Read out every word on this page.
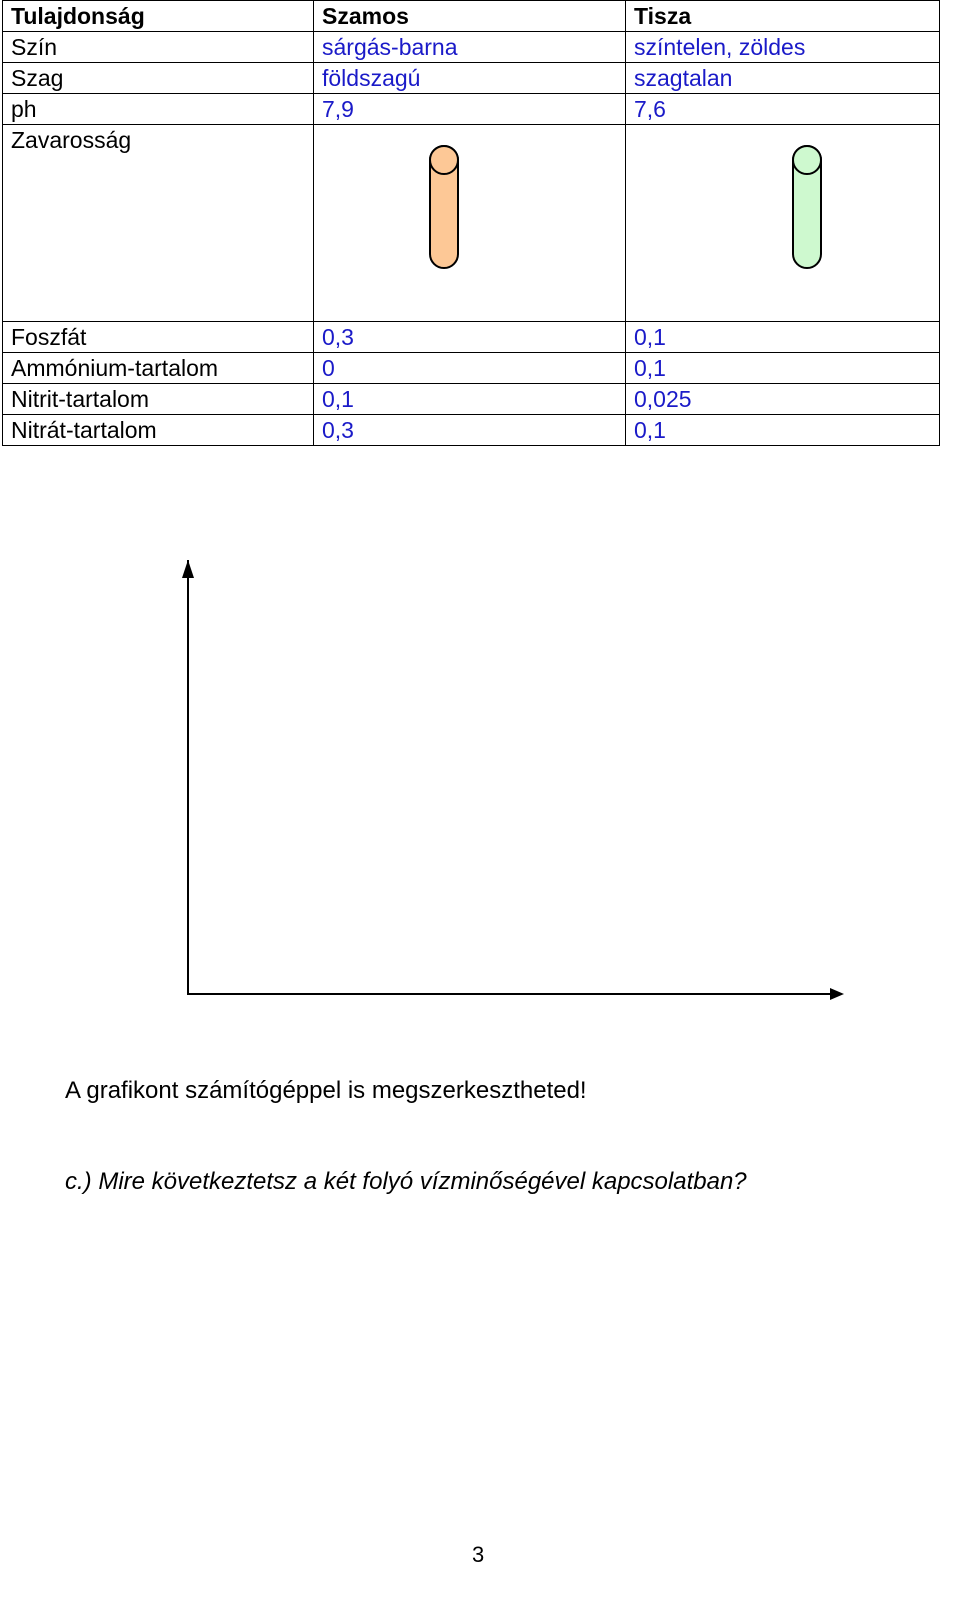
Tulajdonság	Szamos	Tisza
Szín	sárgás-barna	színtelen, zöldes
Szag	földszagú	szagtalan
ph	7,9	7,6
Zavarosság	

Foszfát	0,3	0,1
Ammónium-tartalom	0	0,1
Nitrit-tartalom	0,1	0,025
Nitrát-tartalom	0,3	0,1
A grafikont számítógéppel is megszerkesztheted!
c.) Mire következtetsz a két folyó vízminőségével kapcsolatban?
3
